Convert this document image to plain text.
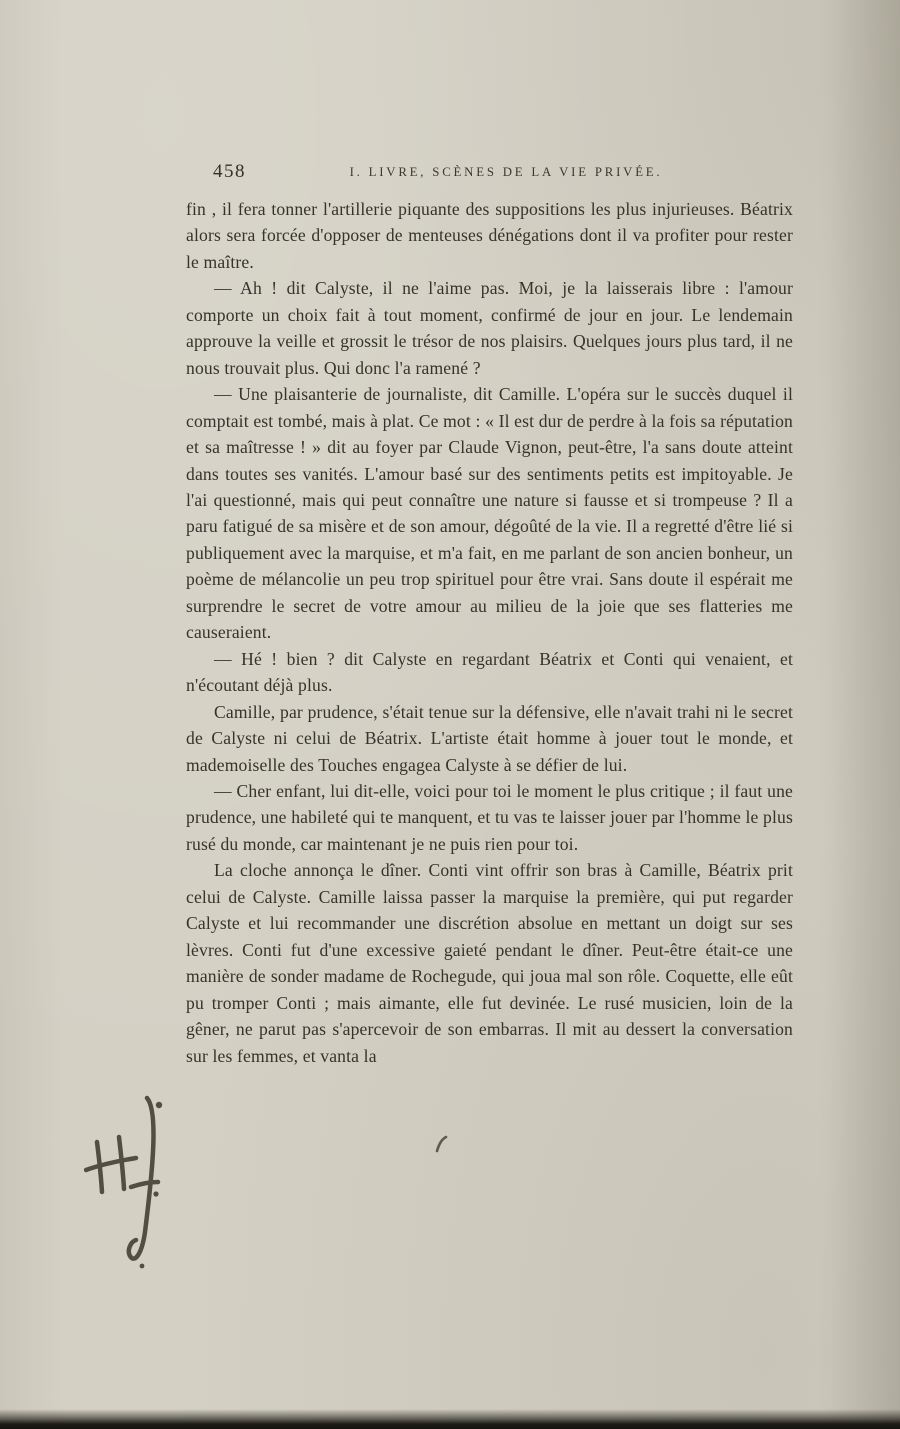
458	I. LIVRE, SCÈNES DE LA VIE PRIVÉE.

fin , il fera tonner l'artillerie piquante des suppositions les plus injurieuses. Béatrix alors sera forcée d'opposer de menteuses dénégations dont il va profiter pour rester le maître.

— Ah ! dit Calyste, il ne l'aime pas. Moi, je la laisserais libre : l'amour comporte un choix fait à tout moment, confirmé de jour en jour. Le lendemain approuve la veille et grossit le trésor de nos plaisirs. Quelques jours plus tard, il ne nous trouvait plus. Qui donc l'a ramené ?

— Une plaisanterie de journaliste, dit Camille. L'opéra sur le succès duquel il comptait est tombé, mais à plat. Ce mot : « Il est dur de perdre à la fois sa réputation et sa maîtresse ! » dit au foyer par Claude Vignon, peut-être, l'a sans doute atteint dans toutes ses vanités. L'amour basé sur des sentiments petits est impitoyable. Je l'ai questionné, mais qui peut connaître une nature si fausse et si trompeuse ? Il a paru fatigué de sa misère et de son amour, dégoûté de la vie. Il a regretté d'être lié si publiquement avec la marquise, et m'a fait, en me parlant de son ancien bonheur, un poème de mélancolie un peu trop spirituel pour être vrai. Sans doute il espérait me surprendre le secret de votre amour au milieu de la joie que ses flatteries me causeraient.

— Hé ! bien ? dit Calyste en regardant Béatrix et Conti qui venaient, et n'écoutant déjà plus.

Camille, par prudence, s'était tenue sur la défensive, elle n'avait trahi ni le secret de Calyste ni celui de Béatrix. L'artiste était homme à jouer tout le monde, et mademoiselle des Touches engagea Calyste à se défier de lui.

— Cher enfant, lui dit-elle, voici pour toi le moment le plus critique ; il faut une prudence, une habileté qui te manquent, et tu vas te laisser jouer par l'homme le plus rusé du monde, car maintenant je ne puis rien pour toi.

La cloche annonça le dîner. Conti vint offrir son bras à Camille, Béatrix prit celui de Calyste. Camille laissa passer la marquise la première, qui put regarder Calyste et lui recommander une discrétion absolue en mettant un doigt sur ses lèvres. Conti fut d'une excessive gaieté pendant le dîner. Peut-être était-ce une manière de sonder madame de Rochegude, qui joua mal son rôle. Coquette, elle eût pu tromper Conti ; mais aimante, elle fut devinée. Le rusé musicien, loin de la gêner, ne parut pas s'apercevoir de son embarras. Il mit au dessert la conversation sur les femmes, et vanta la
